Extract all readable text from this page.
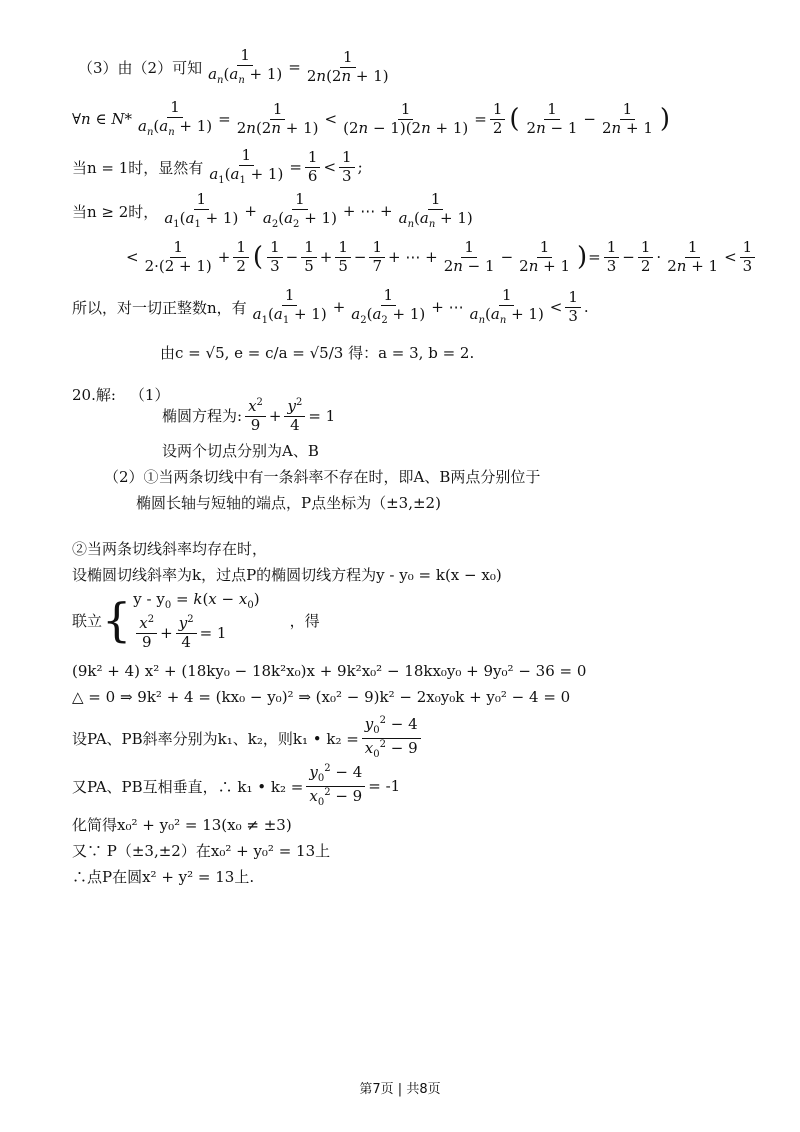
（3）由（2）可知 $\frac{1}{a_n(a_n + 1)} = \frac{1}{2n(2n + 1)}$
∀n ∈ $N* \frac{1}{a_n(a_n + 1)} = \frac{1}{2n(2n + 1)} < \frac{1}{(2n - 1)(2n + 1)} = \frac{1}{2}$ ( $\frac{1}{2n - 1} - \frac{1}{2n + 1}$ )
当n = 1时，显然有 $\frac{1}{a_1(a_1 + 1)} = \frac{1}{6} < \frac{1}{3}$ ;
当n ≥ 2时， $\frac{1}{a_1(a_1 + 1)} + \frac{1}{a_2(a_2 + 1)}$ + ⋯ + $\frac{1}{a_n(a_n + 1)}$
< $\frac{1}{2\cdot(2 + 1)} + \frac{1}{2}$ ( $\frac{1}{3} - \frac{1}{5} + \frac{1}{5} - \frac{1}{7}$ + ⋯ + $\frac{1}{2n - 1} - \frac{1}{2n + 1}$ ) = $\frac{1}{3} - \frac{1}{2} \cdot \frac{1}{2n + 1} < \frac{1}{3}$
所以，对一切正整数n，有 $\frac{1}{a_1(a_1 + 1)} + \frac{1}{a_2(a_2 + 1)}$ + ⋯ $\frac{1}{a_n(a_n + 1)} < \frac{1}{3}$ .
由c = √5, e = c/a = √5/3 得：a = 3, b = 2.
20.解: （1）
椭圆方程为: $\frac{x^2}{9} + \frac{y^2}{4} = 1$
设两个切点分别为A、B
（2）①当两条切线中有一条斜率不存在时，即A、B两点分别位于
椭圆长轴与短轴的端点，P点坐标为（±3,±2)
②当两条切线斜率均存在时，
设椭圆切线斜率为k，过点P的椭圆切线方程为y - y₀ = k(x − x₀)
联立 { $y - y_0 = k(x - x_0)$
$\frac{x^2}{9} + \frac{y^2}{4} = 1$
，得
(9k² + 4) x² + (18ky₀ − 18k²x₀)x + 9k²x₀² − 18kx₀y₀ + 9y₀² − 36 = 0
△ = 0 ⇒ 9k² + 4 = (kx₀ − y₀)² ⇒ (x₀² − 9)k² − 2x₀y₀k + y₀² − 4 = 0
设PA、PB斜率分别为k₁、k₂，则k₁ • $k_2 = \frac{y_0^2 - 4}{x_0^2 - 9}$
又PA、PB互相垂直，∴ k₁ • $k_2 = \frac{y_0^2 - 4}{x_0^2 - 9} = -1$
化简得x₀² + y₀² = 13(x₀ ≠ ±3)
又∵ P（±3,±2）在x₀² + y₀² = 13上
∴点P在圆x² + y² = 13上.
第7页 | 共8页
